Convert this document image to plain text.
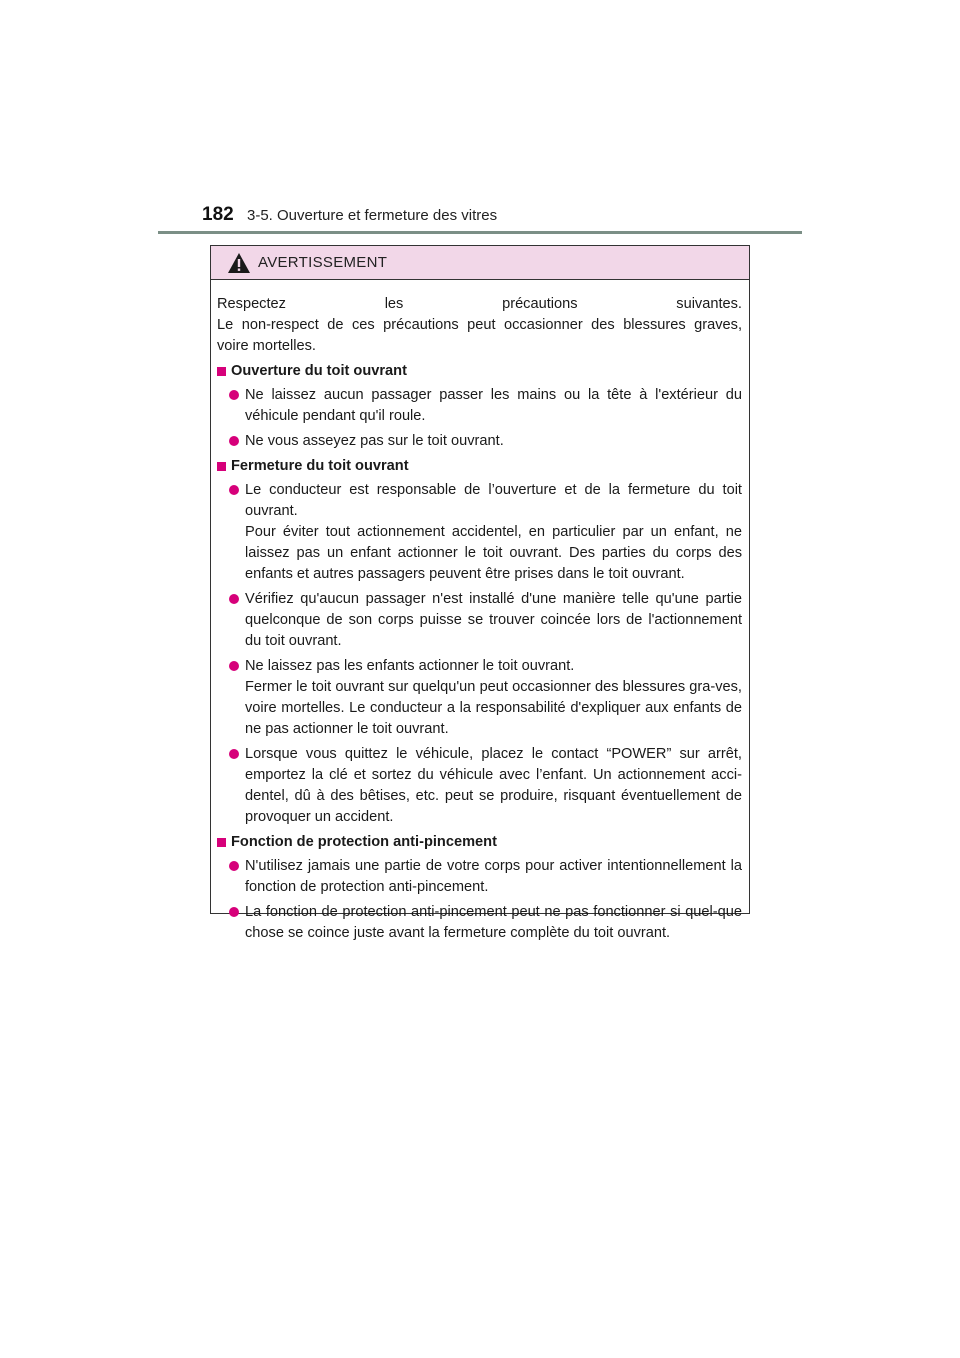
182 3-5. Ouverture et fermeture des vitres
AVERTISSEMENT
Respectez les précautions suivantes.
Le non-respect de ces précautions peut occasionner des blessures graves,
voire mortelles.
Ouverture du toit ouvrant

Ne laissez aucun passager passer les mains ou la tête à l'extérieur du véhicule pendant qu'il roule.

Ne vous asseyez pas sur le toit ouvrant.

Fermeture du toit ouvrant

Le conducteur est responsable de l’ouverture et de la fermeture du toit ouvrant.

Pour éviter tout actionnement accidentel, en particulier par un enfant, ne laissez pas un enfant actionner le toit ouvrant. Des parties du corps des enfants et autres passagers peuvent être prises dans le toit ouvrant.

Vérifiez qu'aucun passager n'est installé d'une manière telle qu'une partie quelconque de son corps puisse se trouver coincée lors de l'actionnement du toit ouvrant.

Ne laissez pas les enfants actionner le toit ouvrant.

Fermer le toit ouvrant sur quelqu'un peut occasionner des blessures gra-ves, voire mortelles. Le conducteur a la responsabilité d'expliquer aux enfants de ne pas actionner le toit ouvrant.

Lorsque vous quittez le véhicule, placez le contact “POWER” sur arrêt, emportez la clé et sortez du véhicule avec l’enfant. Un actionnement acci-dentel, dû à des bêtises, etc. peut se produire, risquant éventuellement de provoquer un accident.

Fonction de protection anti-pincement

N'utilisez jamais une partie de votre corps pour activer intentionnellement la fonction de protection anti-pincement.

La fonction de protection anti-pincement peut ne pas fonctionner si quel-que chose se coince juste avant la fermeture complète du toit ouvrant.
